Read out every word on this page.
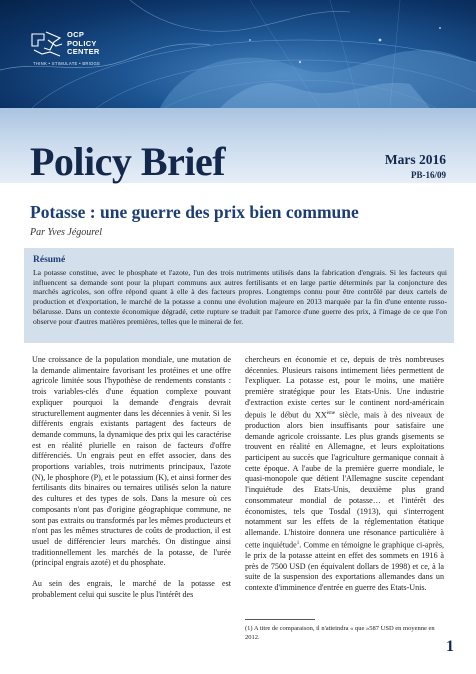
OCP
POLICY
CENTER
THINK • STIMULATE • BRIDGE
Policy Brief	Mars 2016
PB-16/09
Potasse : une guerre des prix bien commune
Par Yves Jégourel
Résumé

La potasse constitue, avec le phosphate et l'azote, l'un des trois nutriments utilisés dans la fabrication d'engrais. Si les facteurs qui influencent sa demande sont pour la plupart communs aux autres fertilisants et en large partie déterminés par la conjoncture des marchés agricoles, son offre répond quant à elle à des facteurs propres. Longtemps connu pour être contrôlé par deux cartels de production et d'exportation, le marché de la potasse a connu une évolution majeure en 2013 marquée par la fin d'une entente russo-bélarusse. Dans un contexte économique dégradé, cette rupture se traduit par l'amorce d'une guerre des prix, à l'image de ce que l'on observe pour d'autres matières premières, telles que le minerai de fer.

Une croissance de la population mondiale, une mutation de la demande alimentaire favorisant les protéines et une offre agricole limitée sous l'hypothèse de rendements constants : trois variables-clés d'une équation complexe pouvant expliquer pourquoi la demande d'engrais devrait structurellement augmenter dans les décennies à venir. Si les différents engrais existants partagent des facteurs de demande communs, la dynamique des prix qui les caractérise est en réalité plurielle en raison de facteurs d'offre différenciés. Un engrais peut en effet associer, dans des proportions variables, trois nutriments principaux, l'azote (N), le phosphore (P), et le potassium (K), et ainsi former des fertilisants dits binaires ou ternaires utilisés selon la nature des cultures et des types de sols. Dans la mesure où ces composants n'ont pas d'origine géographique commune, ne sont pas extraits ou transformés par les mêmes producteurs et n'ont pas les mêmes structures de coûts de production, il est usuel de différencier leurs marchés. On distingue ainsi traditionnellement les marchés de la potasse, de l'urée (principal engrais azoté) et du phosphate.

Au sein des engrais, le marché de la potasse est probablement celui qui suscite le plus l'intérêt des

chercheurs en économie et ce, depuis de très nombreuses décennies. Plusieurs raisons intimement liées permettent de l'expliquer. La potasse est, pour le moins, une matière première stratégique pour les Etats-Unis. Une industrie d'extraction existe certes sur le continent nord-américain depuis le début du XXème siècle, mais à des niveaux de production alors bien insuffisants pour satisfaire une demande agricole croissante. Les plus grands gisements se trouvent en réalité en Allemagne, et leurs exploitations participent au succès que l'agriculture germanique connait à cette époque. A l'aube de la première guerre mondiale, le quasi-monopole que détient l'Allemagne suscite cependant l'inquiétude des Etats-Unis, deuxième plus grand consommateur mondial de potasse… et l'intérêt des économistes, tels que Tosdal (1913), qui s'interrogent notamment sur les effets de la réglementation étatique allemande. L'histoire donnera une résonance particulière à cette inquiétude$^1$. Comme en témoigne le graphique ci-après, le prix de la potasse atteint en effet des sommets en 1916 à près de 7500 USD (en équivalent dollars de 1998) et ce, à la suite de la suspension des exportations allemandes dans un contexte d'imminence d'entrée en guerre des Etats-Unis.

(1) A titre de comparaison, il n'atteindra « que »587 USD en moyenne en 2012.
1
